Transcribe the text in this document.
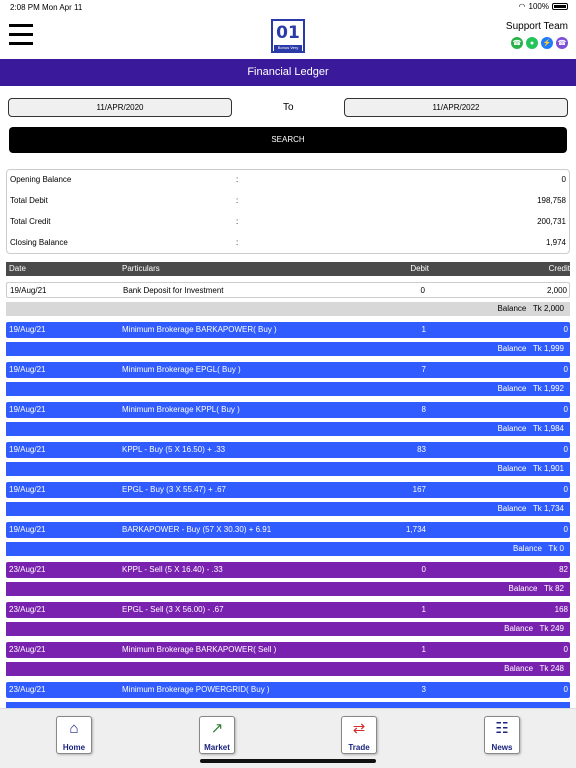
2:08 PM Mon Apr 11	◠ 100%
01
Bonus Very
Support Team
☎	●	⚡ ☎
Financial Ledger
11/APR/2020	To	11/APR/2022
SEARCH
Opening Balance	:	0
Total Debit	:	198,758
Total Credit	:	200,731
Closing Balance	:	1,974
Date	Particulars	Debit	Credit
19/Aug/21	Bank Deposit for Investment	0	2,000
Balance   Tk 2,000
19/Aug/21	Minimum Brokerage BARKAPOWER( Buy )	1	0
Balance   Tk 1,999
19/Aug/21	Minimum Brokerage EPGL( Buy )	7	0
Balance   Tk 1,992
19/Aug/21	Minimum Brokerage KPPL( Buy )	8	0
Balance   Tk 1,984
19/Aug/21	KPPL - Buy (5 X 16.50) + .33	83	0
Balance   Tk 1,901
19/Aug/21	EPGL - Buy (3 X 55.47) + .67	167	0
Balance   Tk 1,734
19/Aug/21	BARKAPOWER - Buy (57 X 30.30) + 6.91	1,734	0
Balance   Tk 0
23/Aug/21	KPPL - Sell (5 X 16.40) - .33	0	82
Balance   Tk 82
23/Aug/21	EPGL - Sell (3 X 56.00) - .67	1	168
Balance   Tk 249
23/Aug/21	Minimum Brokerage BARKAPOWER( Sell )	1	0
Balance   Tk 248
23/Aug/21	Minimum Brokerage POWERGRID( Buy )	3	0
⌂
Home
↗
Market
⇄
Trade
☷
News
